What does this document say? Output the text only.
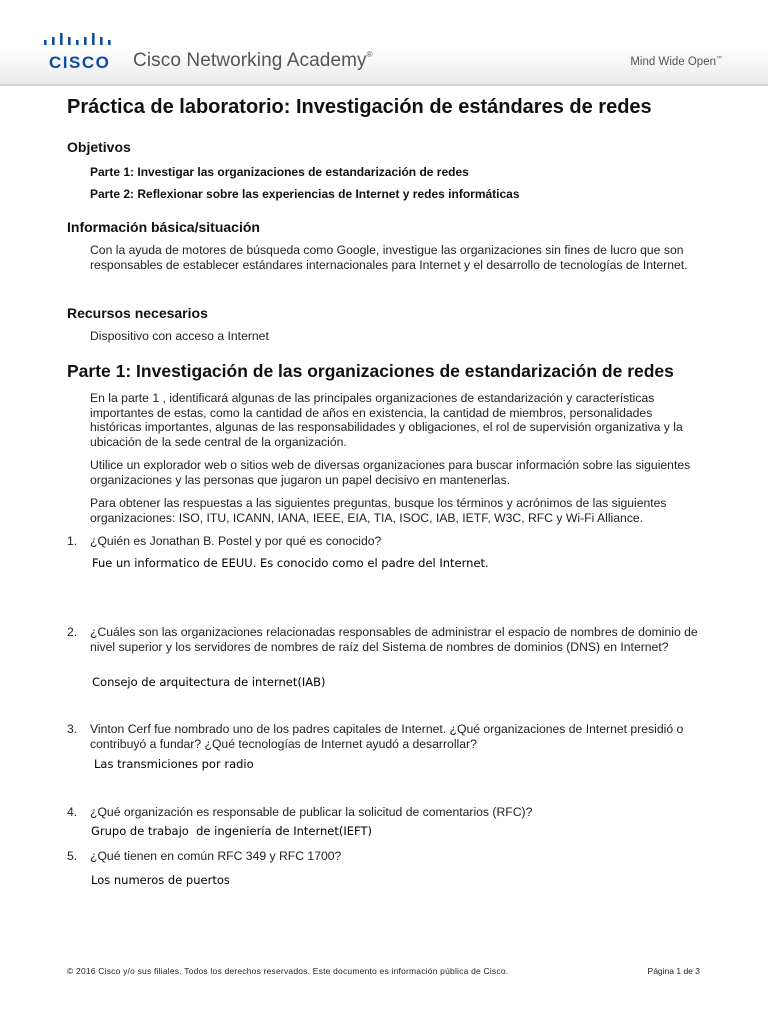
CISCO Cisco Networking Academy®
Mind Wide Open™
Práctica de laboratorio: Investigación de estándares de redes
Objetivos

Parte 1: Investigar las organizaciones de estandarización de redes

Parte 2: Reflexionar sobre las experiencias de Internet y redes informáticas

Información básica/situación

Con la ayuda de motores de búsqueda como Google, investigue las organizaciones sin fines de lucro que son responsables de establecer estándares internacionales para Internet y el desarrollo de tecnologías de Internet.

Recursos necesarios

Dispositivo con acceso a Internet

Parte 1: Investigación de las organizaciones de estandarización de redes

En la parte 1 , identificará algunas de las principales organizaciones de estandarización y características importantes de estas, como la cantidad de años en existencia, la cantidad de miembros, personalidades históricas importantes, algunas de las responsabilidades y obligaciones, el rol de supervisión organizativa y la ubicación de la sede central de la organización.

Utilice un explorador web o sitios web de diversas organizaciones para buscar información sobre las siguientes organizaciones y las personas que jugaron un papel decisivo en mantenerlas.

Para obtener las respuestas a las siguientes preguntas, busque los términos y acrónimos de las siguientes organizaciones: ISO, ITU, ICANN, IANA, IEEE, EIA, TIA, ISOC, IAB, IETF, W3C, RFC y Wi-Fi Alliance.

1. ¿Quién es Jonathan B. Postel y por qué es conocido?

Fue un informatico de EEUU. Es conocido como el padre del Internet.

2. ¿Cuáles son las organizaciones relacionadas responsables de administrar el espacio de nombres de dominio de nivel superior y los servidores de nombres de raíz del Sistema de nombres de dominios (DNS) en Internet?

Consejo de arquitectura de internet(IAB)

3. Vinton Cerf fue nombrado uno de los padres capitales de Internet. ¿Qué organizaciones de Internet presidió o contribuyó a fundar? ¿Qué tecnologías de Internet ayudó a desarrollar?

Las transmiciones por radio

4. ¿Qué organización es responsable de publicar la solicitud de comentarios (RFC)?

Grupo de trabajo  de ingeniería de Internet(IEFT)

5. ¿Qué tienen en común RFC 349 y RFC 1700?

Los numeros de puertos

© 2016 Cisco y/o sus filiales. Todos los derechos reservados. Este documento es información pública de Cisco.	Página 1 de 3
